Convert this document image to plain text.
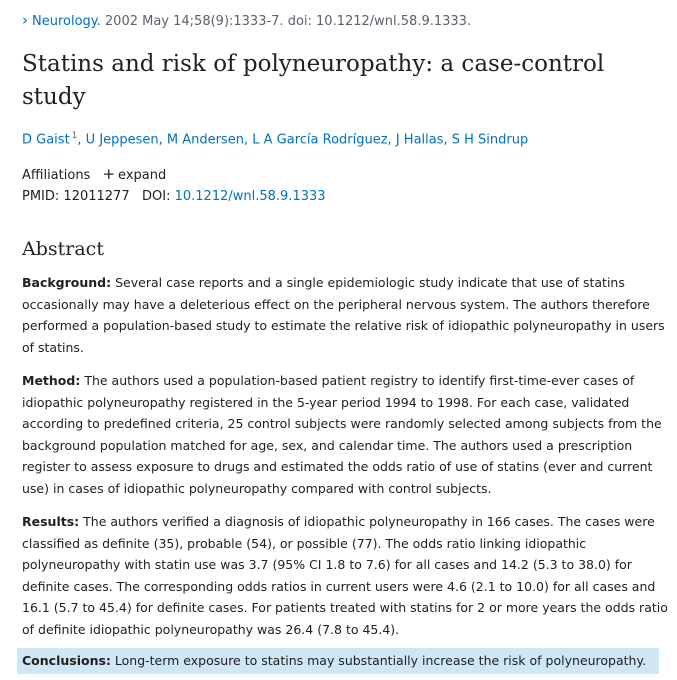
› Neurology. 2002 May 14;58(9):1333-7. doi: 10.1212/wnl.58.9.1333.
Statins and risk of polyneuropathy: a case-control study
D Gaist $^1$, U Jeppesen, M Andersen, L A García Rodríguez, J Hallas, S H Sindrup
Affiliations + expand
PMID: 12011277 DOI: 10.1212/wnl.58.9.1333
Abstract

Background: Several case reports and a single epidemiologic study indicate that use of statins occasionally may have a deleterious effect on the peripheral nervous system. The authors therefore performed a population-based study to estimate the relative risk of idiopathic polyneuropathy in users of statins.

Method: The authors used a population-based patient registry to identify first-time-ever cases of idiopathic polyneuropathy registered in the 5-year period 1994 to 1998. For each case, validated according to predefined criteria, 25 control subjects were randomly selected among subjects from the background population matched for age, sex, and calendar time. The authors used a prescription register to assess exposure to drugs and estimated the odds ratio of use of statins (ever and current use) in cases of idiopathic polyneuropathy compared with control subjects.

Results: The authors verified a diagnosis of idiopathic polyneuropathy in 166 cases. The cases were classified as definite (35), probable (54), or possible (77). The odds ratio linking idiopathic polyneuropathy with statin use was 3.7 (95% CI 1.8 to 7.6) for all cases and 14.2 (5.3 to 38.0) for definite cases. The corresponding odds ratios in current users were 4.6 (2.1 to 10.0) for all cases and 16.1 (5.7 to 45.4) for definite cases. For patients treated with statins for 2 or more years the odds ratio of definite idiopathic polyneuropathy was 26.4 (7.8 to 45.4).

Conclusions: Long-term exposure to statins may substantially increase the risk of polyneuropathy.
